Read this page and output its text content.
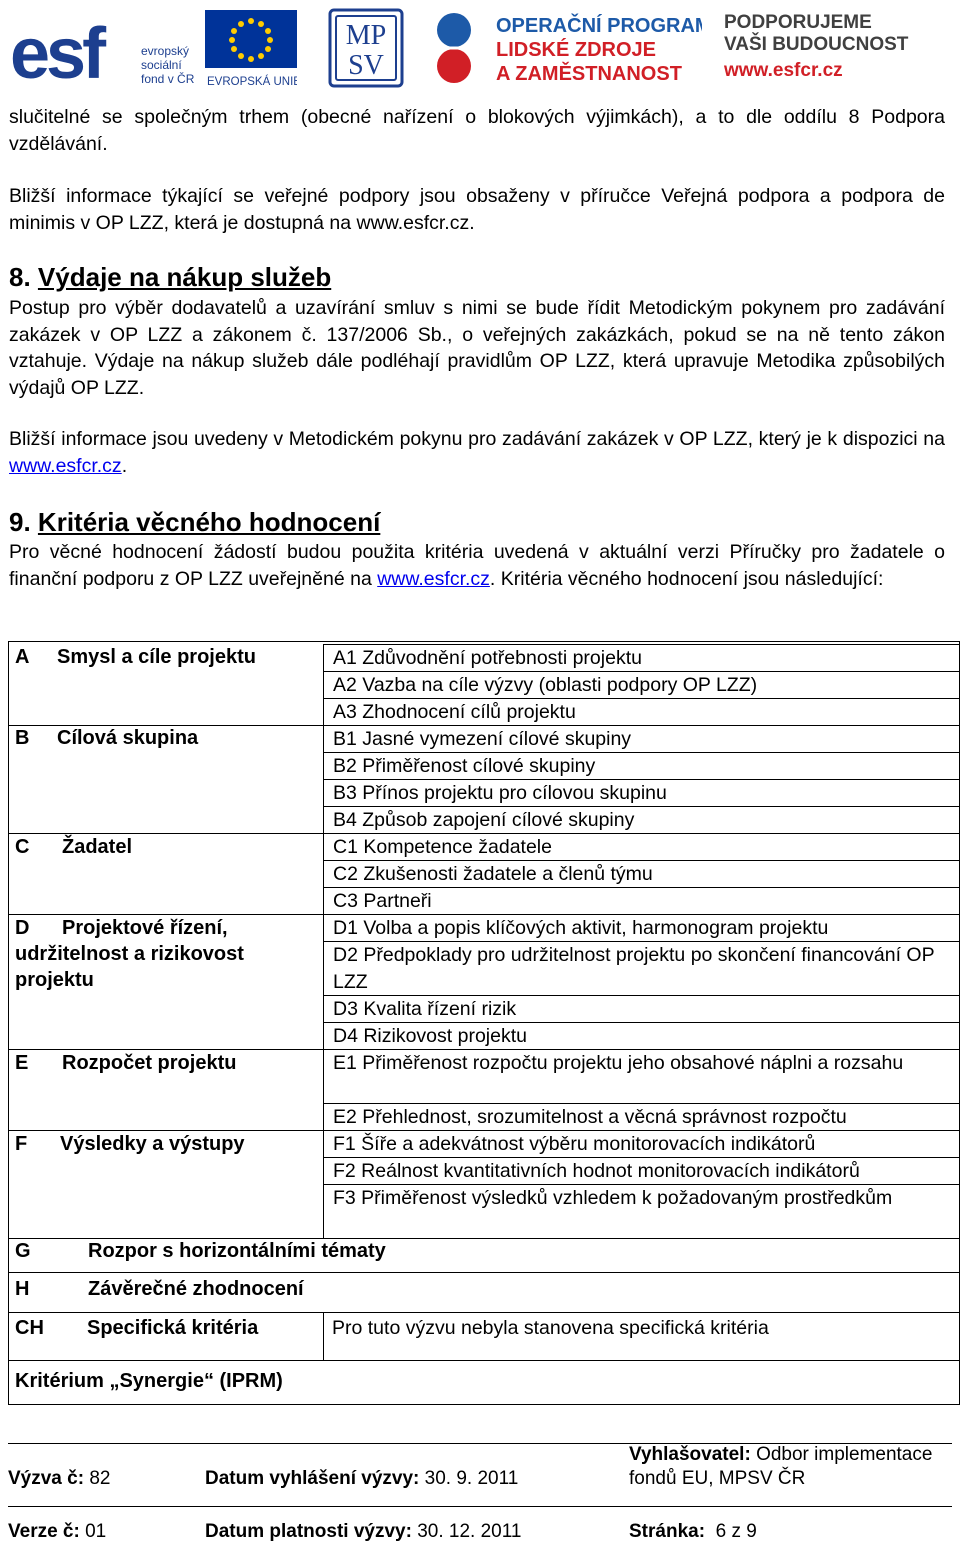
esf	evropský
sociální
fond v ČR EVROPSKÁ UNIE
MP
SV
OPERAČNÍ PROGRAM
LIDSKÉ ZDROJE
A ZAMĚSTNANOST
PODPORUJEME
VAŠI BUDOUCNOST
www.esfcr.cz
slučitelné se společným trhem (obecné nařízení o blokových výjimkách), a to dle oddílu 8 Podpora vzdělávání.
Bližší informace týkající se veřejné podpory jsou obsaženy v příručce Veřejná podpora a podpora de minimis v OP LZZ, která je dostupná na www.esfcr.cz.
8. Výdaje na nákup služeb
Postup pro výběr dodavatelů a uzavírání smluv s nimi se bude řídit Metodickým pokynem pro zadávání zakázek v OP LZZ a zákonem č. 137/2006 Sb., o veřejných zakázkách, pokud se na ně tento zákon vztahuje. Výdaje na nákup služeb dále podléhají pravidlům OP LZZ, která upravuje Metodika způsobilých výdajů OP LZZ.
Bližší informace jsou uvedeny v Metodickém pokynu pro zadávání zakázek v OP LZZ, který je k dispozici na www.esfcr.cz.
9. Kritéria věcného hodnocení
Pro věcné hodnocení žádostí budou použita kritéria uvedená v aktuální verzi Příručky pro žadatele o finanční podporu z OP LZZ uveřejněné na www.esfcr.cz. Kritéria věcného hodnocení jsou následující:
A Smysl a cíle projektu	A1 Zdůvodnění potřebnosti projektu
A2 Vazba na cíle výzvy (oblasti podpory OP LZZ)
A3 Zhodnocení cílů projektu
B Cílová skupina	B1 Jasné vymezení cílové skupiny
B2 Přiměřenost cílové skupiny
B3 Přínos projektu pro cílovou skupinu
B4 Způsob zapojení cílové skupiny
C Žadatel	C1 Kompetence žadatele
C2 Zkušenosti žadatele a členů týmu
C3 Partneři
D Projektové řízení,
udržitelnost a rizikovost
projektu
D1 Volba a popis klíčových aktivit, harmonogram projektu
D2 Předpoklady pro udržitelnost projektu po skončení financování OP LZZ
D3 Kvalita řízení rizik
D4 Rizikovost projektu
E Rozpočet projektu	E1 Přiměřenost rozpočtu projektu jeho obsahové náplni a rozsahu
E2 Přehlednost, srozumitelnost a věcná správnost rozpočtu
F Výsledky a výstupy	F1 Šíře a adekvátnost výběru monitorovacích indikátorů
F2 Reálnost kvantitativních hodnot monitorovacích indikátorů
F3 Přiměřenost výsledků vzhledem k požadovaným prostředkům
G	Rozpor s horizontálními tématy
H	Závěrečné zhodnocení
CH Specifická kritéria	Pro tuto výzvu nebyla stanovena specifická kritéria
Kritérium „Synergie“ (IPRM)
Výzva č: 82	Datum vyhlášení výzvy: 30. 9. 2011
Vyhlašovatel: Odbor implementace fondů EU, MPSV ČR
Verze č: 01	Datum platnosti výzvy: 30. 12. 2011	Stránka: 6 z 9
